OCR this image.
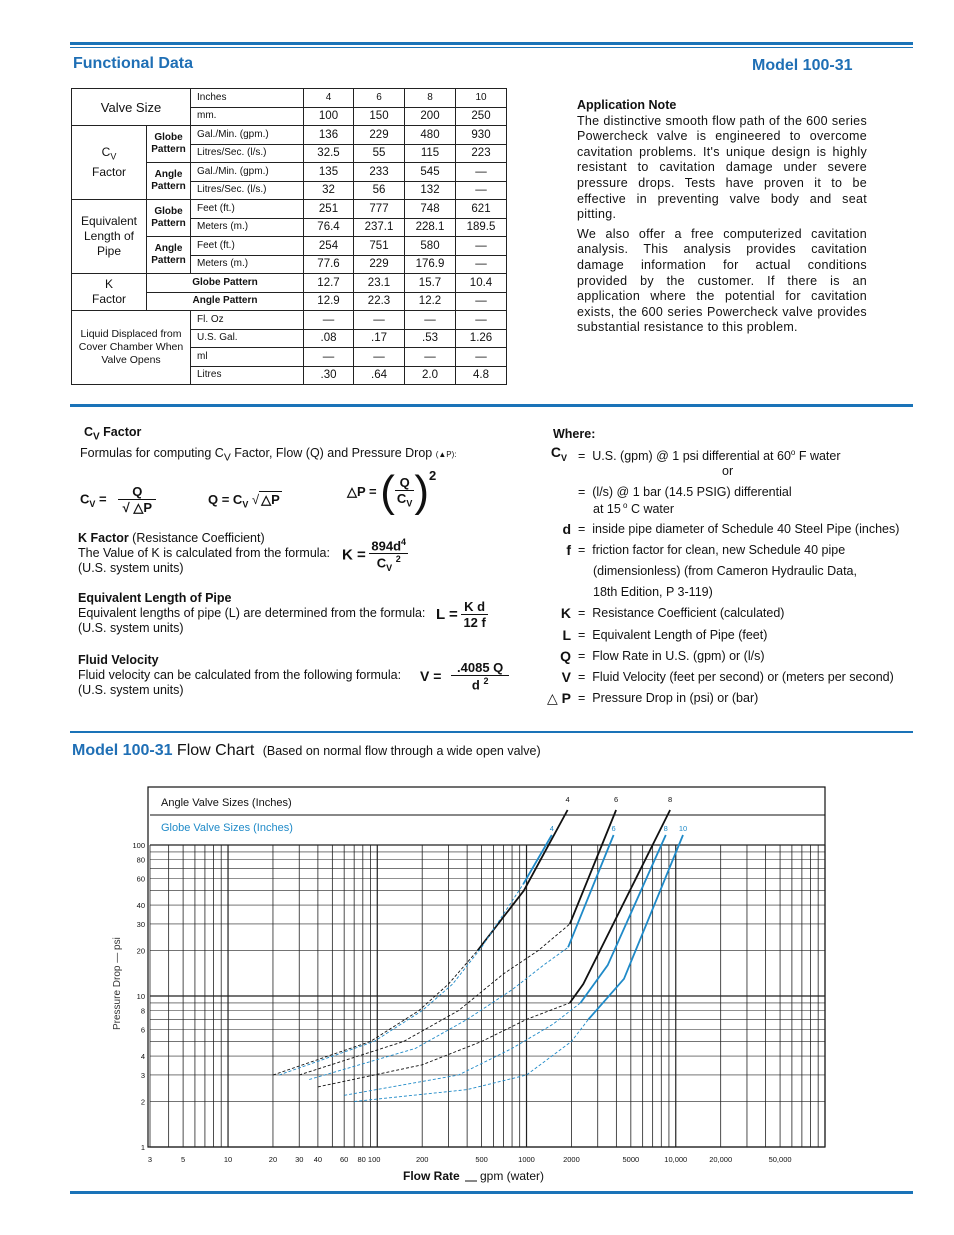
Functional Data	Model 100-31
Valve Size		Inches	4	6	8	10
		mm.	100	150	200	250
$C_V$
Factor	Globe Pattern	Gal./Min. (gpm.)	136	229	480	930
		Litres/Sec. (l/s.)	32.5	55	115	223
	Angle Pattern	Gal./Min. (gpm.)	135	233	545	—
		Litres/Sec. (l/s.)	32	56	132	—
Equivalent Length of Pipe	Globe Pattern	Feet (ft.)	251	777	748	621
		Meters (m.)	76.4	237.1	228.1	189.5
	Angle Pattern	Feet (ft.)	254	751	580	—
		Meters (m.)	77.6	229	176.9	—
K Factor	Globe Pattern		12.7	23.1	15.7	10.4
	Angle Pattern		12.9	22.3	12.2	—
Liquid Displaced from Cover Chamber When Valve Opens		Fl. Oz	—	—	—	—
		U.S. Gal.	.08	.17	.53	1.26
		ml	—	—	—	—
		Litres	.30	.64	2.0	4.8
Application Note

The distinctive smooth flow path of the 600 series Powercheck valve is engineered to overcome cavitation problems. It's unique design is highly resistant to cavitation damage under severe pressure drops. Tests have proven it to be effective in preventing valve body and seat pitting.

We also offer a free computerized cavitation analysis. This analysis provides cavitation damage information for actual conditions provided by the customer. If there is an application where the potential for cavitation exists, the 600 series Powercheck valve provides substantial resistance to this problem.

$C_V$ Factor
Formulas for computing $C_V$ Factor, Flow (Q) and Pressure Drop (▲P):
$C_V = \frac{Q}{√ \triangle P}$	$Q = C_V$ √ △P
△P = ( $\frac{Q}{C_V} )^2$
K Factor (Resistance Coefficient)
The Value of K is calculated from the formula:
(U.S. system units)
$K = \frac{894d^4}{C_V ^2}$
Equivalent Length of Pipe
Equivalent lengths of pipe (L) are determined from the formula:
(U.S. system units)
$L = \frac{\text{K d}}{12 f}$
Fluid Velocity
Fluid velocity can be calculated from the following formula:
(U.S. system units)
$V = \frac{.4085 Q}{d ^2}$
Where:
$C_V = U.S$. (gpm) @ 1 psi differential at 60$^o$ F water
or
=  (l/s) @ 1 bar (14.5 PSIG) differential
at 15 $^o$ C water
d =  inside pipe diameter of Schedule 40 Steel Pipe (inches)
f =  friction factor for clean, new Schedule 40 pipe
(dimensionless) (from Cameron Hydraulic Data,
18th Edition, P 3-119)
K =  Resistance Coefficient (calculated)
L =  Equivalent Length of Pipe (feet)
Q =  Flow Rate in U.S. (gpm) or (l/s)
V =  Fluid Velocity (feet per second) or (meters per second)
△ P =  Pressure Drop in (psi) or (bar)
Model 100-31 Flow Chart (Based on normal flow through a wide open valve)
Angle Valve Sizes (Inches)
Globe Valve Sizes (Inches)
4	6	8
4	6	8 10
1
2
3
4
6
8
10
20
30
40
60
80
100
3	5	10	20 30 40 60 80 100	200	500	1000	2000	5000	10,000	20,000	50,000
Pressure Drop — psi
Flow Rate gpm (water)
